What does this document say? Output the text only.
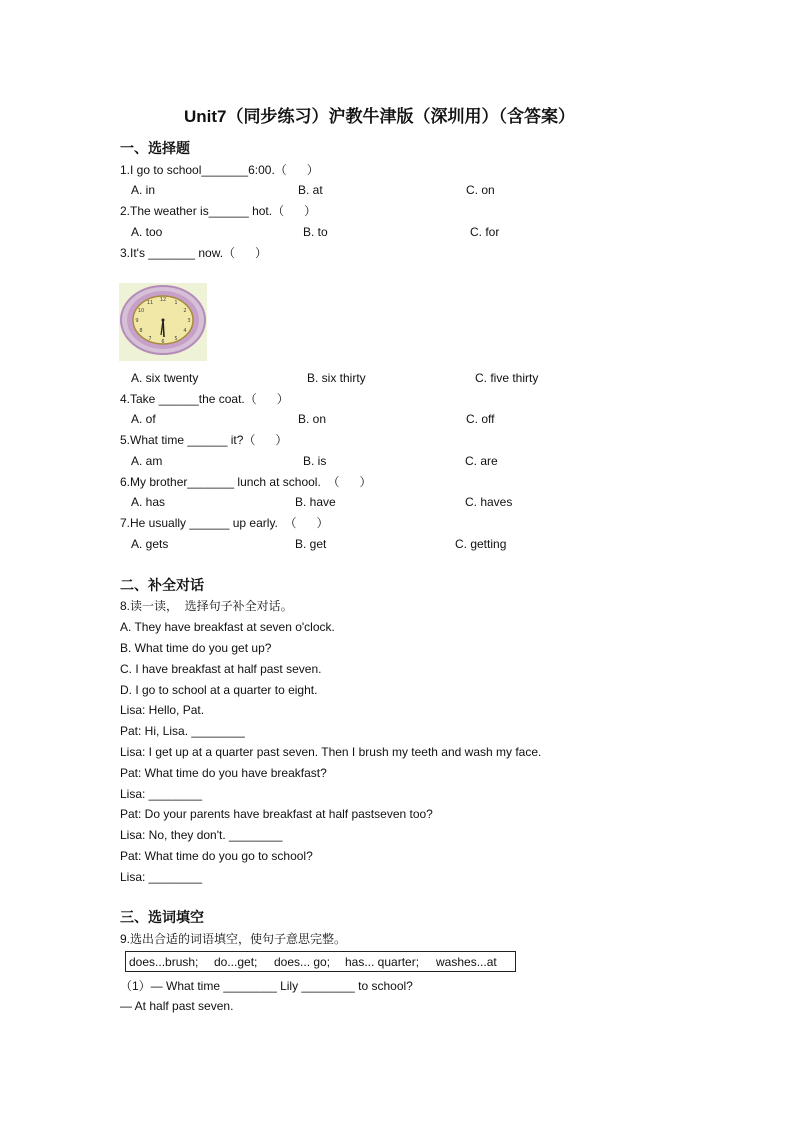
Unit7（同步练习）沪教牛津版（深圳用）（含答案）
一、选择题
1.I go to school_______6:00.（      ）
A. in	B. at	C. on
2.The weather is______ hot.（      ）
A. too	B. to	C. for
3.It's _______ now.（      ）
12 1
2
3
4
5
6
7
8
9
10
11
A. six twenty	B. six thirty	C. five thirty
4.Take ______the coat.（      ）
A. of	B. on	C. off
5.What time ______ it?（      ）
A. am	B. is	C. are
6.My brother_______ lunch at school.  （      ）
A. has	B. have	C. haves
7.He usually ______ up early.  （      ）
A. gets	B. get	C. getting
二、补全对话
8.读一读，  选择句子补全对话。
A. They have breakfast at seven o'clock.
B. What time do you get up?
C. I have breakfast at half past seven.
D. I go to school at a quarter to eight.
Lisa: Hello, Pat.
Pat: Hi, Lisa. ________
Lisa: I get up at a quarter past seven. Then I brush my teeth and wash my face.
Pat: What time do you have breakfast?
Lisa: ________
Pat: Do your parents have breakfast at half pastseven too?
Lisa: No, they don't. ________
Pat: What time do you go to school?
Lisa: ________
三、选词填空
9.选出合适的词语填空，使句子意思完整。
does...brush; do...get; does... go; has... quarter; washes...at
（1）— What time ________ Lily ________ to school?
— At half past seven.
